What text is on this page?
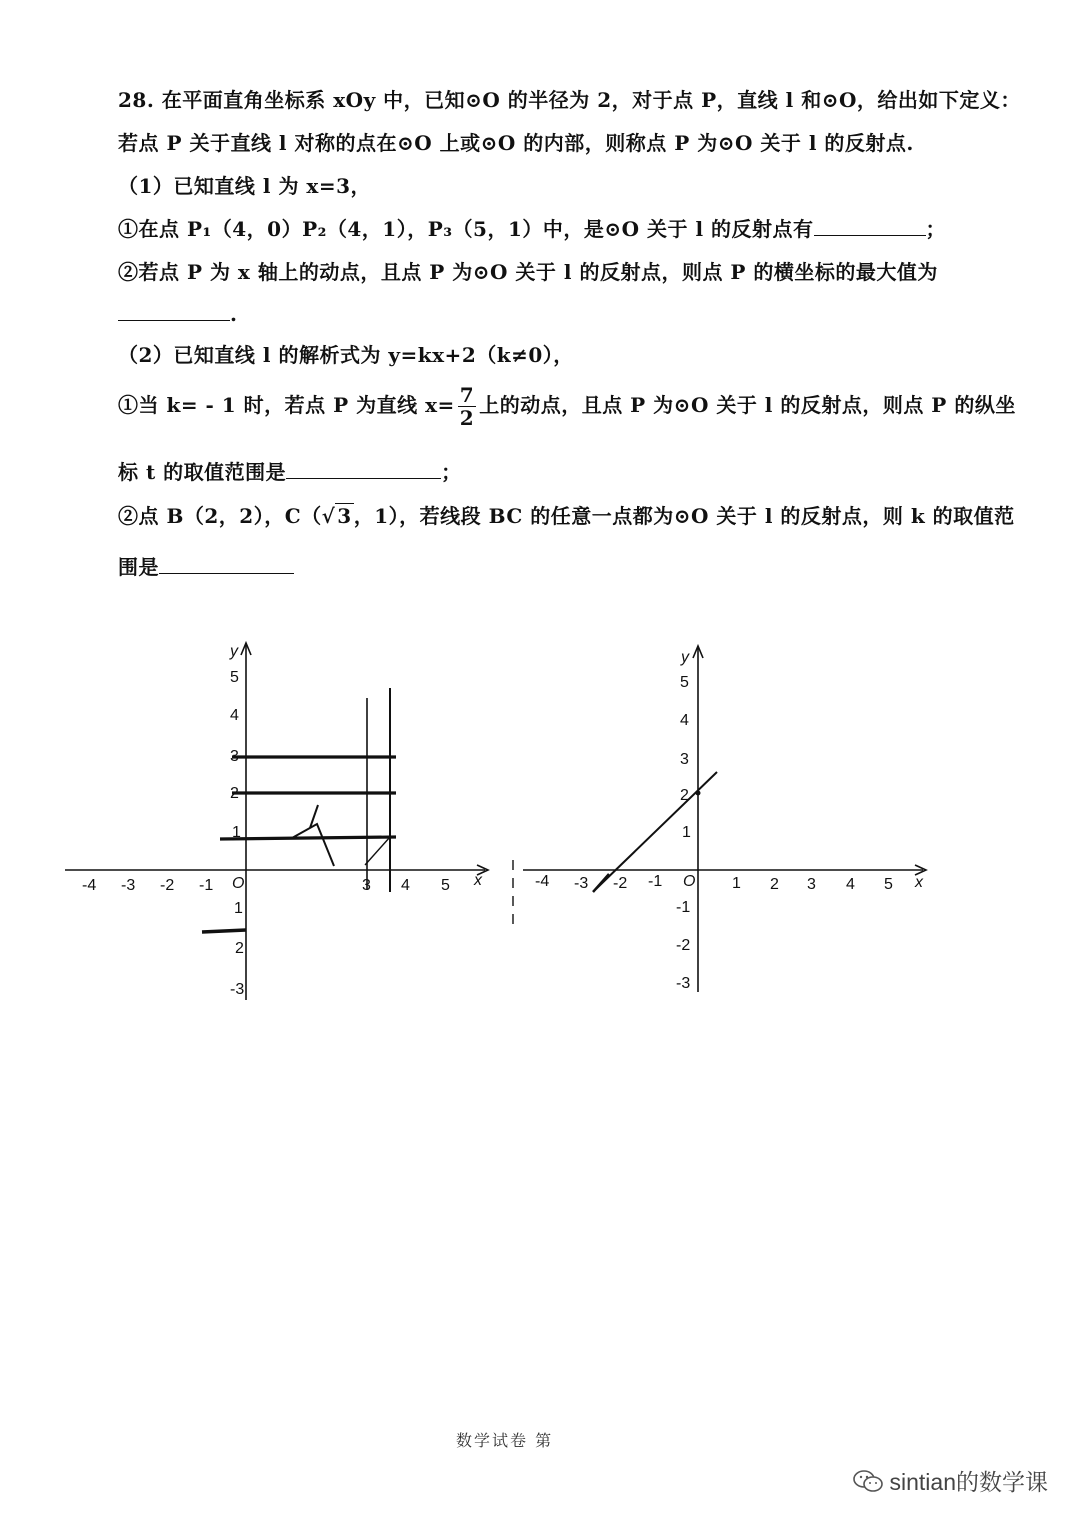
28. 在平面直角坐标系 xOy 中，已知⊙O 的半径为 2，对于点 P，直线 l 和⊙O，给出如下定义：
若点 P 关于直线 l 对称的点在⊙O 上或⊙O 的内部，则称点 P 为⊙O 关于 l 的反射点.
（1）已知直线 l 为 x=3，
①在点 P₁（4，0）P₂（4，1），P₃（5，1）中，是⊙O 关于 l 的反射点有	；
②若点 P 为 x 轴上的动点，且点 P 为⊙O 关于 l 的反射点，则点 P 的横坐标的最大值为
.
（2）已知直线 l 的解析式为 y=kx+2（k≠0），
①当 k= - 1 时，若点 P 为直线 $x= \frac{7}{2}$ 上的动点，且点 P 为⊙O 关于 l 的反射点，则点 P 的纵坐
标 t 的取值范围是	；
②点 B（2，2），C（√ 3 ，1），若线段 BC 的任意一点都为⊙O 关于 l 的反射点，则 k 的取值范
围是
x
y
O
-4 -3 -2 -1	3 4 5
5
4
3
2
1
1
2
-3
x
y
O
-4 -3 -2 -1	1 2 3 4 5
5
4
3
2
1
-1
-2
-3
数学试卷 第
sintian的数学课
